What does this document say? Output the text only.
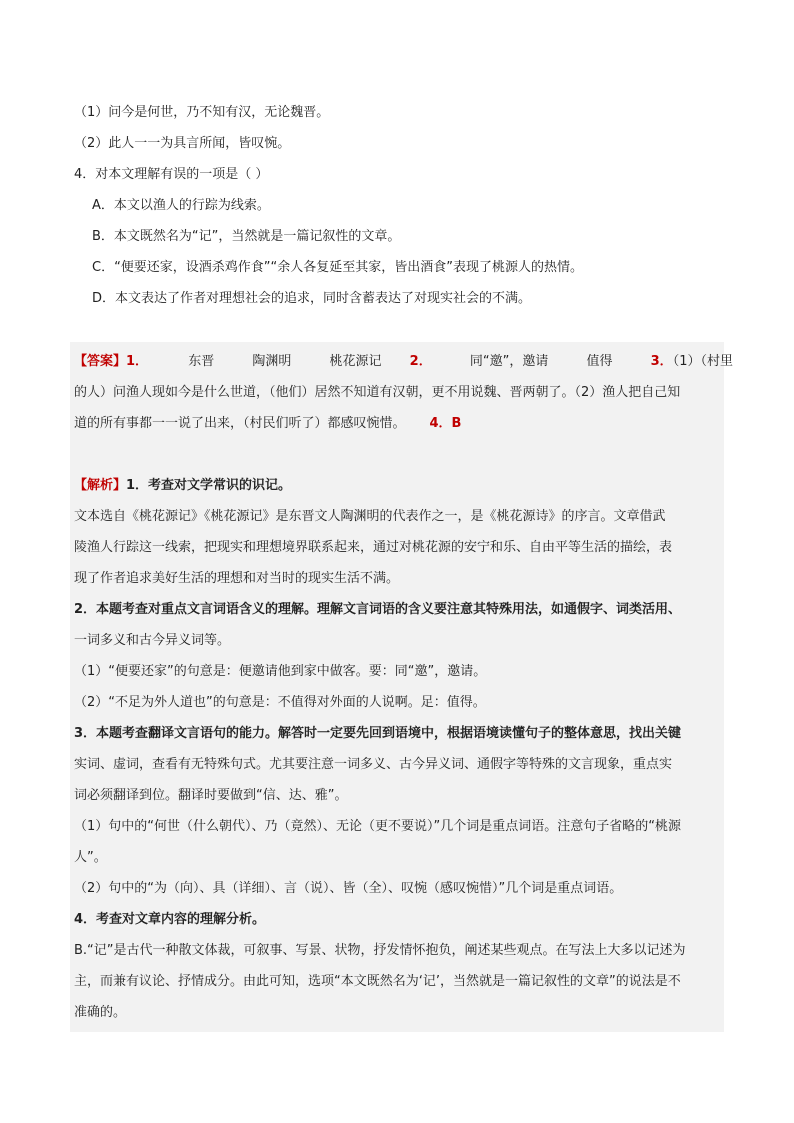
（1）问今是何世，乃不知有汉，无论魏晋。
（2）此人一一为具言所闻，皆叹惋。
4．对本文理解有误的一项是（ ）
A．本文以渔人的行踪为线索。
B．本文既然名为“记”，当然就是一篇记叙性的文章。
C．“便要还家，设酒杀鸡作食”“余人各复延至其家，皆出酒食”表现了桃源人的热情。
D．本文表达了作者对理想社会的追求，同时含蓄表达了对现实社会的不满。
【答案】1．	东晋	陶渊明	桃花源记 2．	同“邀”，邀请	值得	3．（1）（村里
的人）问渔人现如今是什么世道，（他们）居然不知道有汉朝，更不用说魏、晋两朝了。（2）渔人把自己知
道的所有事都一一说了出来，（村民们听了）都感叹惋惜。 4．B
【解析】1．考查对文学常识的识记。
文本选自《桃花源记》《桃花源记》是东晋文人陶渊明的代表作之一，是《桃花源诗》的序言。文章借武
陵渔人行踪这一线索，把现实和理想境界联系起来，通过对桃花源的安宁和乐、自由平等生活的描绘，表
现了作者追求美好生活的理想和对当时的现实生活不满。
2．本题考查对重点文言词语含义的理解。理解文言词语的含义要注意其特殊用法，如通假字、词类活用、
一词多义和古今异义词等。
（1）“便要还家”的句意是：便邀请他到家中做客。要：同“邀”，邀请。
（2）“不足为外人道也”的句意是：不值得对外面的人说啊。足：值得。
3．本题考查翻译文言语句的能力。解答时一定要先回到语境中，根据语境读懂句子的整体意思，找出关键
实词、虚词，查看有无特殊句式。尤其要注意一词多义、古今异义词、通假字等特殊的文言现象，重点实
词必须翻译到位。翻译时要做到“信、达、雅”。
（1）句中的“何世（什么朝代）、乃（竟然）、无论（更不要说）”几个词是重点词语。注意句子省略的“桃源
人”。
（2）句中的“为（向）、具（详细）、言（说）、皆（全）、叹惋（感叹惋惜）”几个词是重点词语。
4．考查对文章内容的理解分析。
B.“记”是古代一种散文体裁，可叙事、写景、状物，抒发情怀抱负，阐述某些观点。在写法上大多以记述为
主，而兼有议论、抒情成分。由此可知，选项“本文既然名为‘记’，当然就是一篇记叙性的文章”的说法是不
准确的。
